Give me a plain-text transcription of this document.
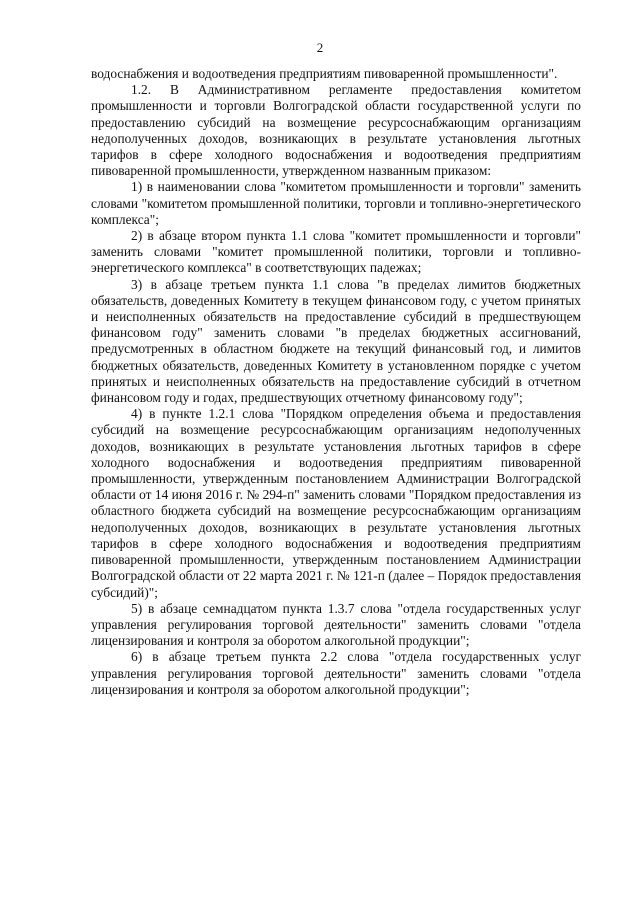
2

водоснабжения и водоотведения предприятиям пивоваренной промышленности".

1.2. В Административном регламенте предоставления комитетом промышленности и торговли Волгоградской области государственной услуги по предоставлению субсидий на возмещение ресурсоснабжающим организациям недополученных доходов, возникающих в результате установления льготных тарифов в сфере холодного водоснабжения и водоотведения предприятиям пивоваренной промышленности, утвержденном названным приказом:

1) в наименовании слова "комитетом промышленности и торговли" заменить словами "комитетом промышленной политики, торговли и топливно-энергетического комплекса";

2) в абзаце втором пункта 1.1 слова "комитет промышленности и торговли" заменить словами "комитет промышленной политики, торговли и топливно-энергетического комплекса" в соответствующих падежах;

3) в абзаце третьем пункта 1.1 слова "в пределах лимитов бюджетных обязательств, доведенных Комитету в текущем финансовом году, с учетом принятых и неисполненных обязательств на предоставление субсидий в предшествующем финансовом году" заменить словами "в пределах бюджетных ассигнований, предусмотренных в областном бюджете на текущий финансовый год, и лимитов бюджетных обязательств, доведенных Комитету в установленном порядке с учетом принятых и неисполненных обязательств на предоставление субсидий в отчетном финансовом году и годах, предшествующих отчетному финансовому году";

4) в пункте 1.2.1 слова "Порядком определения объема и предоставления субсидий на возмещение ресурсоснабжающим организациям недополученных доходов, возникающих в результате установления льготных тарифов в сфере холодного водоснабжения и водоотведения предприятиям пивоваренной промышленности, утвержденным постановлением Администрации Волгоградской области от 14 июня 2016 г. № 294-п" заменить словами "Порядком предоставления из областного бюджета субсидий на возмещение ресурсоснабжающим организациям недополученных доходов, возникающих в результате установления льготных тарифов в сфере холодного водоснабжения и водоотведения предприятиям пивоваренной промышленности, утвержденным постановлением Администрации Волгоградской области от 22 марта 2021 г. № 121-п (далее – Порядок предоставления субсидий)";

5) в абзаце семнадцатом пункта 1.3.7 слова "отдела государственных услуг управления регулирования торговой деятельности" заменить словами "отдела лицензирования и контроля за оборотом алкогольной продукции";

6) в абзаце третьем пункта 2.2 слова "отдела государственных услуг управления регулирования торговой деятельности" заменить словами "отдела лицензирования и контроля за оборотом алкогольной продукции";
